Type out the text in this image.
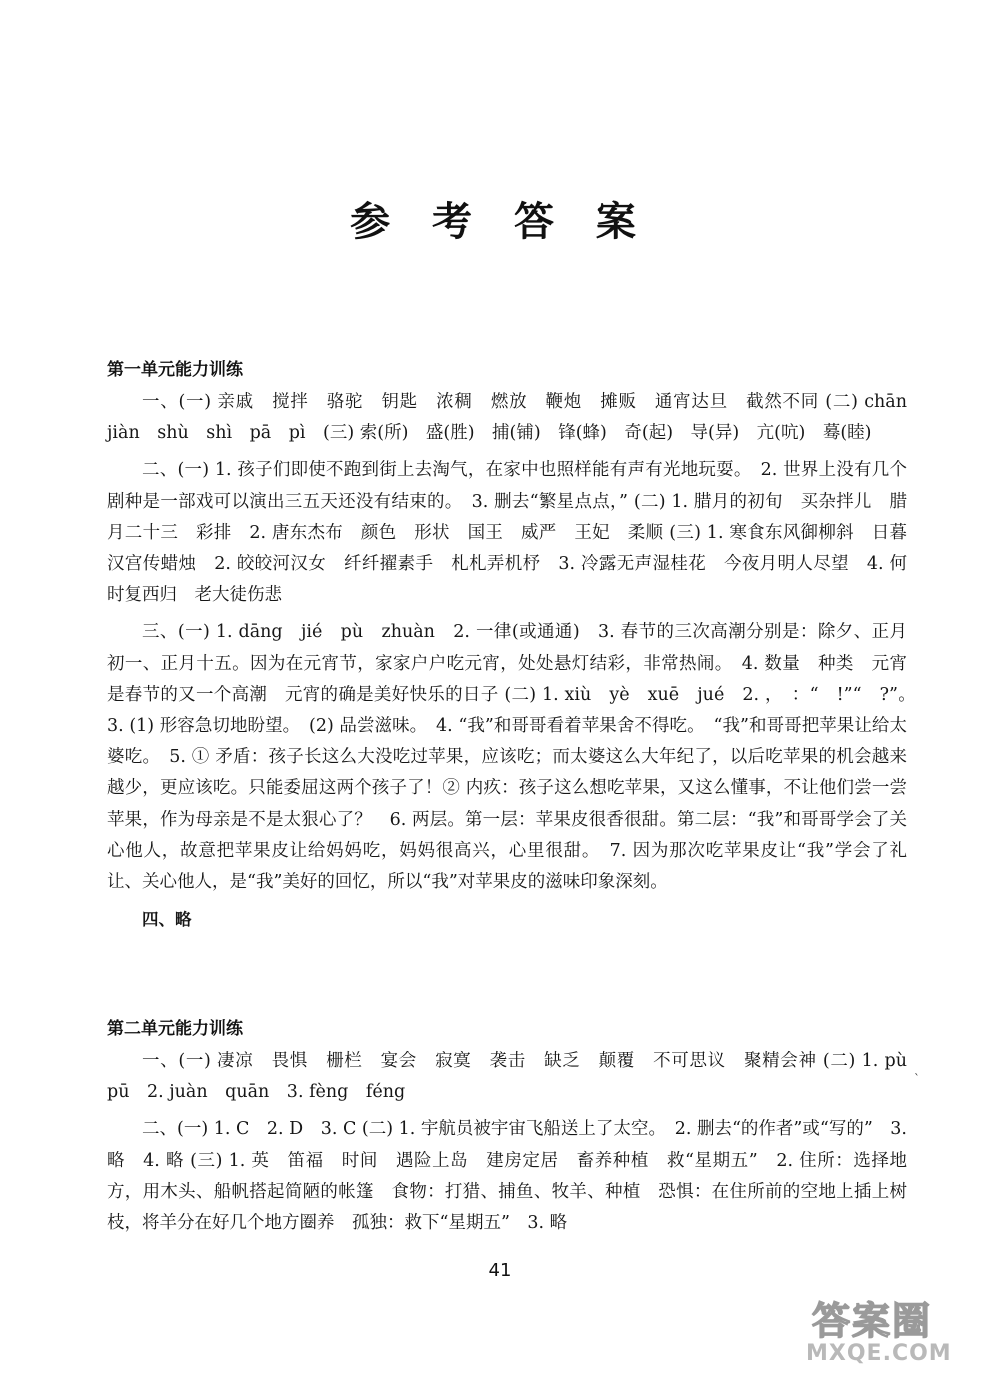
参 考 答 案
第一单元能力训练

一、(一) 亲戚　搅拌　骆驼　钥匙　浓稠　燃放　鞭炮　摊贩　通宵达旦　截然不同 (二) chān　jiàn　shù　shì　pā　pì　(三) 索(所)　盛(胜)　捕(铺)　锋(蜂)　奇(起)　导(异)　亢(吭)　蓦(睦)

二、(一) 1. 孩子们即使不跑到街上去淘气，在家中也照样能有声有光地玩耍。　2. 世界上没有几个剧种是一部戏可以演出三五天还没有结束的。　3. 删去“繁星点点，” (二) 1. 腊月的初旬　买杂拌儿　腊月二十三　彩排　2. 唐东杰布　颜色　形状　国王　威严　王妃　柔顺 (三) 1. 寒食东风御柳斜　日暮汉宫传蜡烛　2. 皎皎河汉女　纤纤擢素手　札札弄机杼　3. 冷露无声湿桂花　今夜月明人尽望　4. 何时复西归　老大徒伤悲

三、(一) 1. dāng　jié　pù　zhuàn　2. 一律(或通通)　3. 春节的三次高潮分别是：除夕、正月初一、正月十五。因为在元宵节，家家户户吃元宵，处处悬灯结彩，非常热闹。　4. 数量　种类　元宵是春节的又一个高潮　元宵的确是美好快乐的日子 (二) 1. xiù　yè　xuē　jué　2. ，　：“　!”“　?”。　3. (1) 形容急切地盼望。　(2) 品尝滋味。　4. “我”和哥哥看着苹果舍不得吃。　“我”和哥哥把苹果让给太婆吃。　5. ① 矛盾：孩子长这么大没吃过苹果，应该吃；而太婆这么大年纪了，以后吃苹果的机会越来越少，更应该吃。只能委屈这两个孩子了！② 内疚：孩子这么想吃苹果，又这么懂事，不让他们尝一尝苹果，作为母亲是不是太狠心了？　6. 两层。第一层：苹果皮很香很甜。第二层：“我”和哥哥学会了关心他人，故意把苹果皮让给妈妈吃，妈妈很高兴，心里很甜。　7. 因为那次吃苹果皮让“我”学会了礼让、关心他人，是“我”美好的回忆，所以“我”对苹果皮的滋味印象深刻。

四、略

第二单元能力训练

一、(一) 凄凉　畏惧　栅栏　宴会　寂寞　袭击　缺乏　颠覆　不可思议　聚精会神 (二) 1. pù　pū　2. juàn　quān　3. fèng　féng

二、(一) 1. C　2. D　3. C (二) 1. 宇航员被宇宙飞船送上了太空。　2. 删去“的作者”或“写的”　3. 略　4. 略 (三) 1. 英　笛福　时间　遇险上岛　建房定居　畜养种植　救“星期五”　2. 住所：选择地方，用木头、船帆搭起简陋的帐篷　食物：打猎、捕鱼、牧羊、种植　恐惧：在住所前的空地上插上树枝，将羊分在好几个地方圈养　孤独：救下“星期五”　3. 略

`
41
答案圈
MXQE.COM
